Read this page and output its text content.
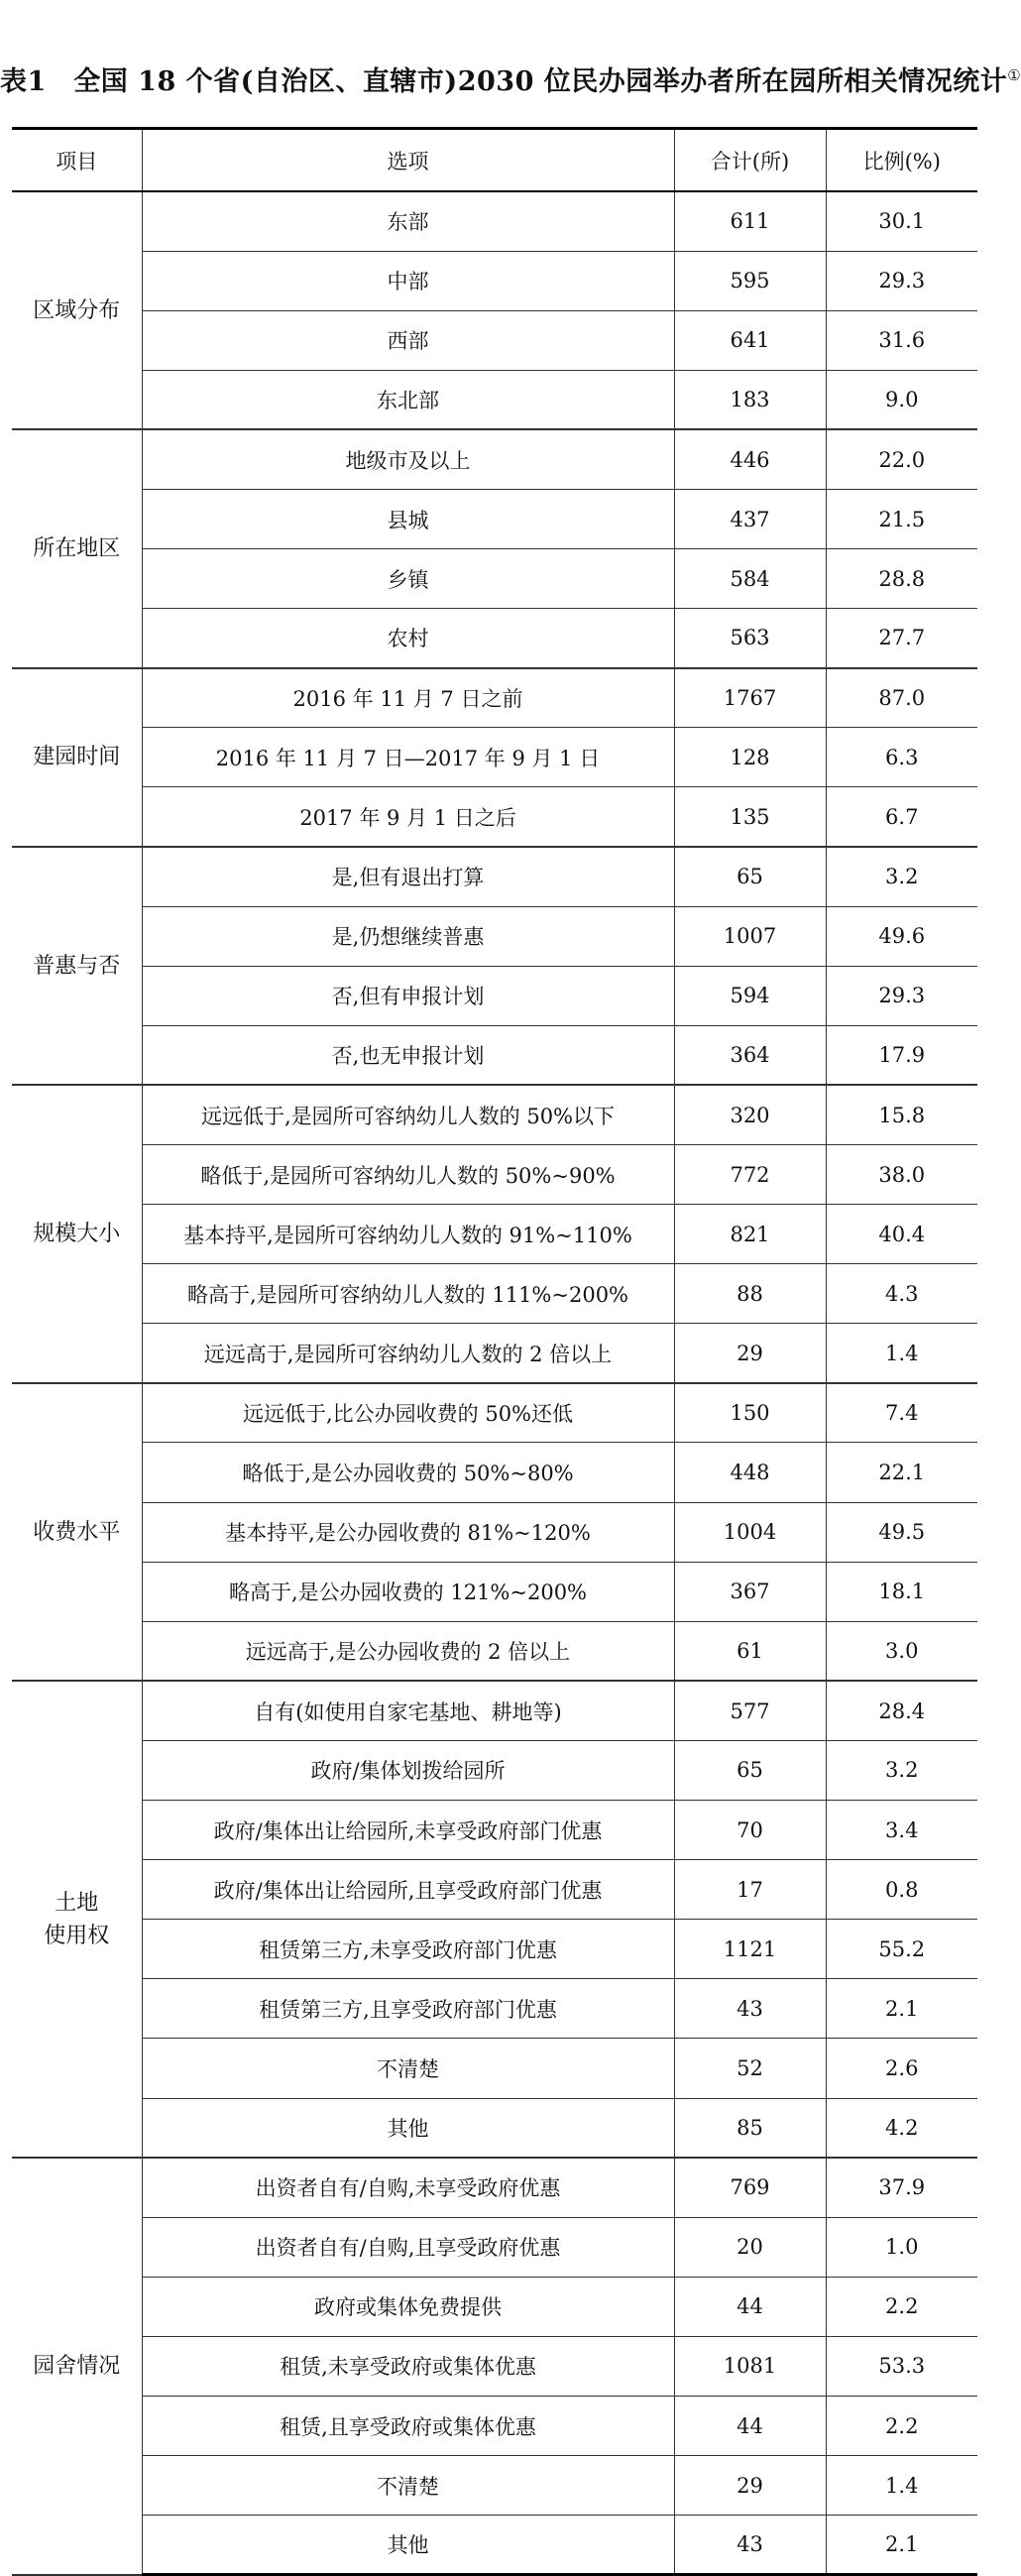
表1　全国 18 个省(自治区、直辖市)2030 位民办园举办者所在园所相关情况统计①
项目	选项	合计(所)	比例(%)
区域分布	东部	611	30.1
	中部	595	29.3
	西部	641	31.6
	东北部	183	9.0
所在地区	地级市及以上	446	22.0
	县城	437	21.5
	乡镇	584	28.8
	农村	563	27.7
建园时间	2016 年 11 月 7 日之前	1767	87.0
	2016 年 11 月 7 日—2017 年 9 月 1 日	128	6.3
	2017 年 9 月 1 日之后	135	6.7
普惠与否	是,但有退出打算	65	3.2
	是,仍想继续普惠	1007	49.6
	否,但有申报计划	594	29.3
	否,也无申报计划	364	17.9
规模大小	远远低于,是园所可容纳幼儿人数的 50%以下	320	15.8
	略低于,是园所可容纳幼儿人数的 50%~90%	772	38.0
	基本持平,是园所可容纳幼儿人数的 91%~110%	821	40.4
	略高于,是园所可容纳幼儿人数的 111%~200%	88	4.3
	远远高于,是园所可容纳幼儿人数的 2 倍以上	29	1.4
收费水平	远远低于,比公办园收费的 50%还低	150	7.4
	略低于,是公办园收费的 50%~80%	448	22.1
	基本持平,是公办园收费的 81%~120%	1004	49.5
	略高于,是公办园收费的 121%~200%	367	18.1
	远远高于,是公办园收费的 2 倍以上	61	3.0
土地
使用权	自有(如使用自家宅基地、耕地等)	577	28.4
	政府/集体划拨给园所	65	3.2
	政府/集体出让给园所,未享受政府部门优惠	70	3.4
	政府/集体出让给园所,且享受政府部门优惠	17	0.8
	租赁第三方,未享受政府部门优惠	1121	55.2
	租赁第三方,且享受政府部门优惠	43	2.1
	不清楚	52	2.6
	其他	85	4.2
园舍情况	出资者自有/自购,未享受政府优惠	769	37.9
	出资者自有/自购,且享受政府优惠	20	1.0
	政府或集体免费提供	44	2.2
	租赁,未享受政府或集体优惠	1081	53.3
	租赁,且享受政府或集体优惠	44	2.2
	不清楚	29	1.4
	其他	43	2.1
